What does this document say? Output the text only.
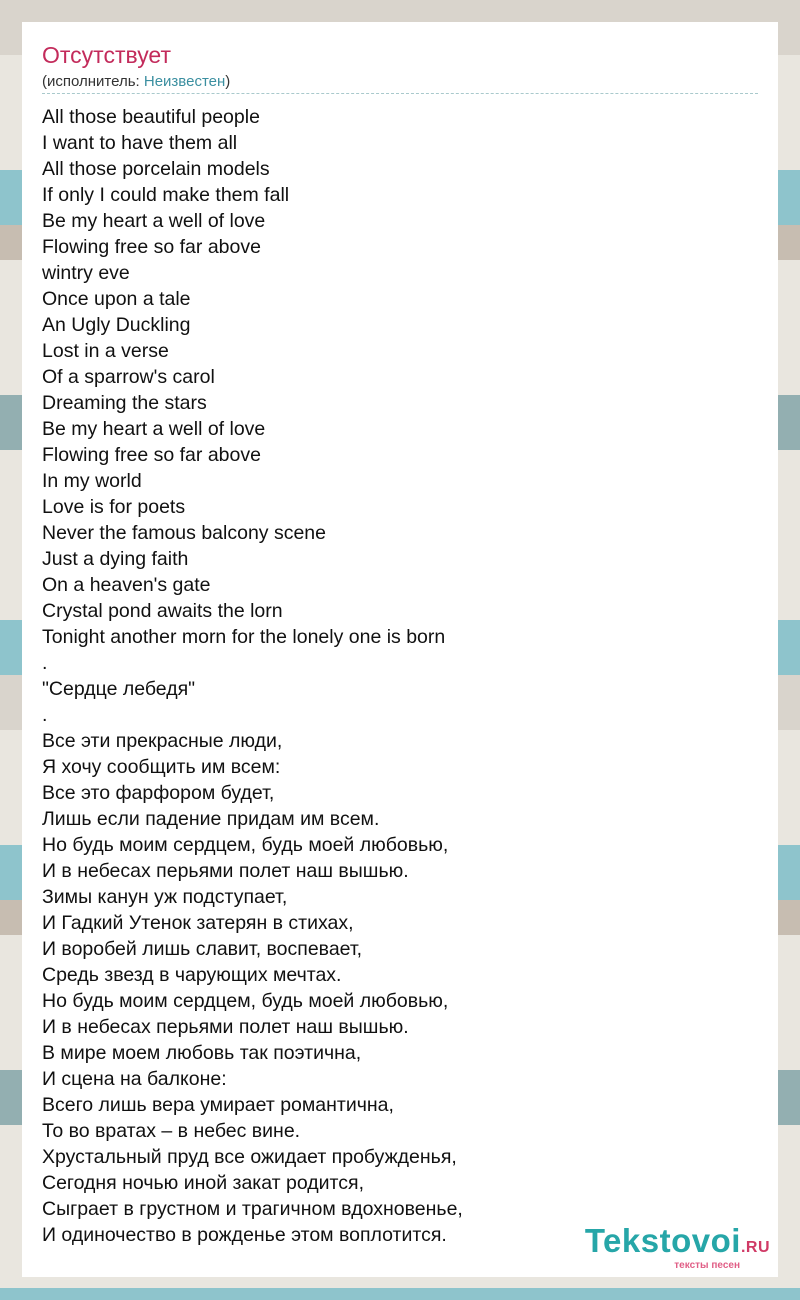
Отсутствует
(исполнитель: Неизвестен)
All those beautiful people
I want to have them all
All those porcelain models
If only I could make them fall
Be my heart a well of love
Flowing free so far above
wintry eve
Once upon a tale
An Ugly Duckling
Lost in a verse
Of a sparrow's carol
Dreaming the stars
Be my heart a well of love
Flowing free so far above
In my world
Love is for poets
Never the famous balcony scene
Just a dying faith
On a heaven's gate
Crystal pond awaits the lorn
Tonight another morn for the lonely one is born
.
"Сердце лебедя"
.
Все эти прекрасные люди,
Я хочу сообщить им всем:
Все это фарфором будет,
Лишь если падение придам им всем.
Но будь моим сердцем, будь моей любовью,
И в небесах перьями полет наш вышью.
Зимы канун уж подступает,
И Гадкий Утенок затерян в стихах,
И воробей лишь славит, воспевает,
Средь звезд в чарующих мечтах.
Но будь моим сердцем, будь моей любовью,
И в небесах перьями полет наш вышью.
В мире моем любовь так поэтична,
И сцена на балконе:
Всего лишь вера умирает романтична,
То во вратах – в небес вине.
Хрустальный пруд все ожидает пробужденья,
Сегодня ночью иной закат родится,
Сыграет в грустном и трагичном вдохновенье,
И одиночество в рожденье этом воплотится.	Tekstovoi.RU
тексты песен
